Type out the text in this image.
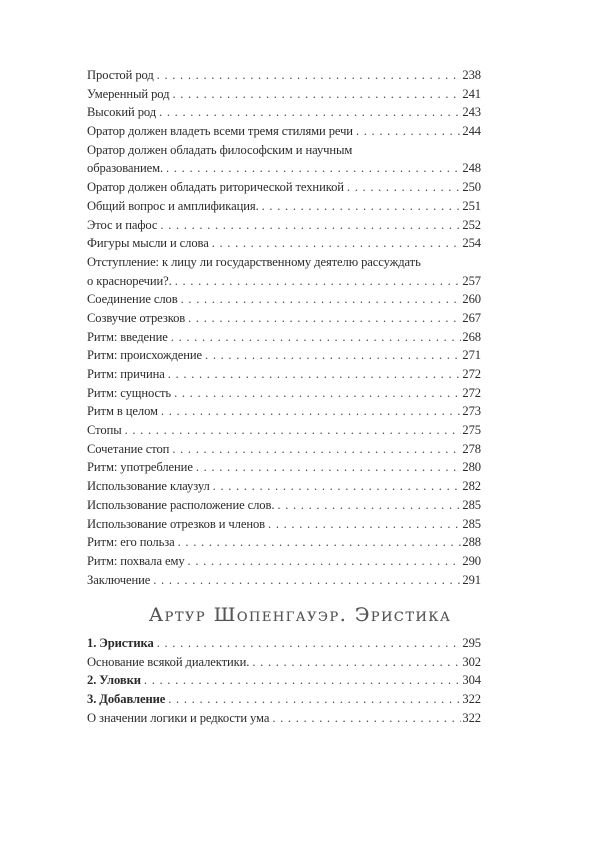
Простой род . . .	238
Умеренный род . . .	241
Высокий род . . .	243
Оратор должен владеть всеми тремя стилями речи . . .	244
Оратор должен обладать философским и научным
образованием. . . .	248
Оратор должен обладать риторической техникой . . .	250
Общий вопрос и амплификация. . . .	251
Этос и пафос . . .	252
Фигуры мысли и слова . . .	254
Отступление: к лицу ли государственному деятелю рассуждать
о красноречии?. . . .	257
Соединение слов . . .	260
Созвучие отрезков . . .	267
Ритм: введение . . .	268
Ритм: происхождение . . .	271
Ритм: причина . . .	272
Ритм: сущность . . .	272
Ритм в целом . . .	273
Стопы . . .	275
Сочетание стоп . . .	278
Ритм: употребление . . .	280
Использование клаузул . . .	282
Использование расположение слов. . . .	285
Использование отрезков и членов . . .	285
Ритм: его польза . . .	288
Ритм: похвала ему . . .	290
Заключение . . .	291
Артур Шопенгауэр. Эристика
1. Эристика . . .	295
Основание всякой диалектики. . . .	302
2. Уловки . . .	304
3. Добавление . . .	322
О значении логики и редкости ума . . .	322
